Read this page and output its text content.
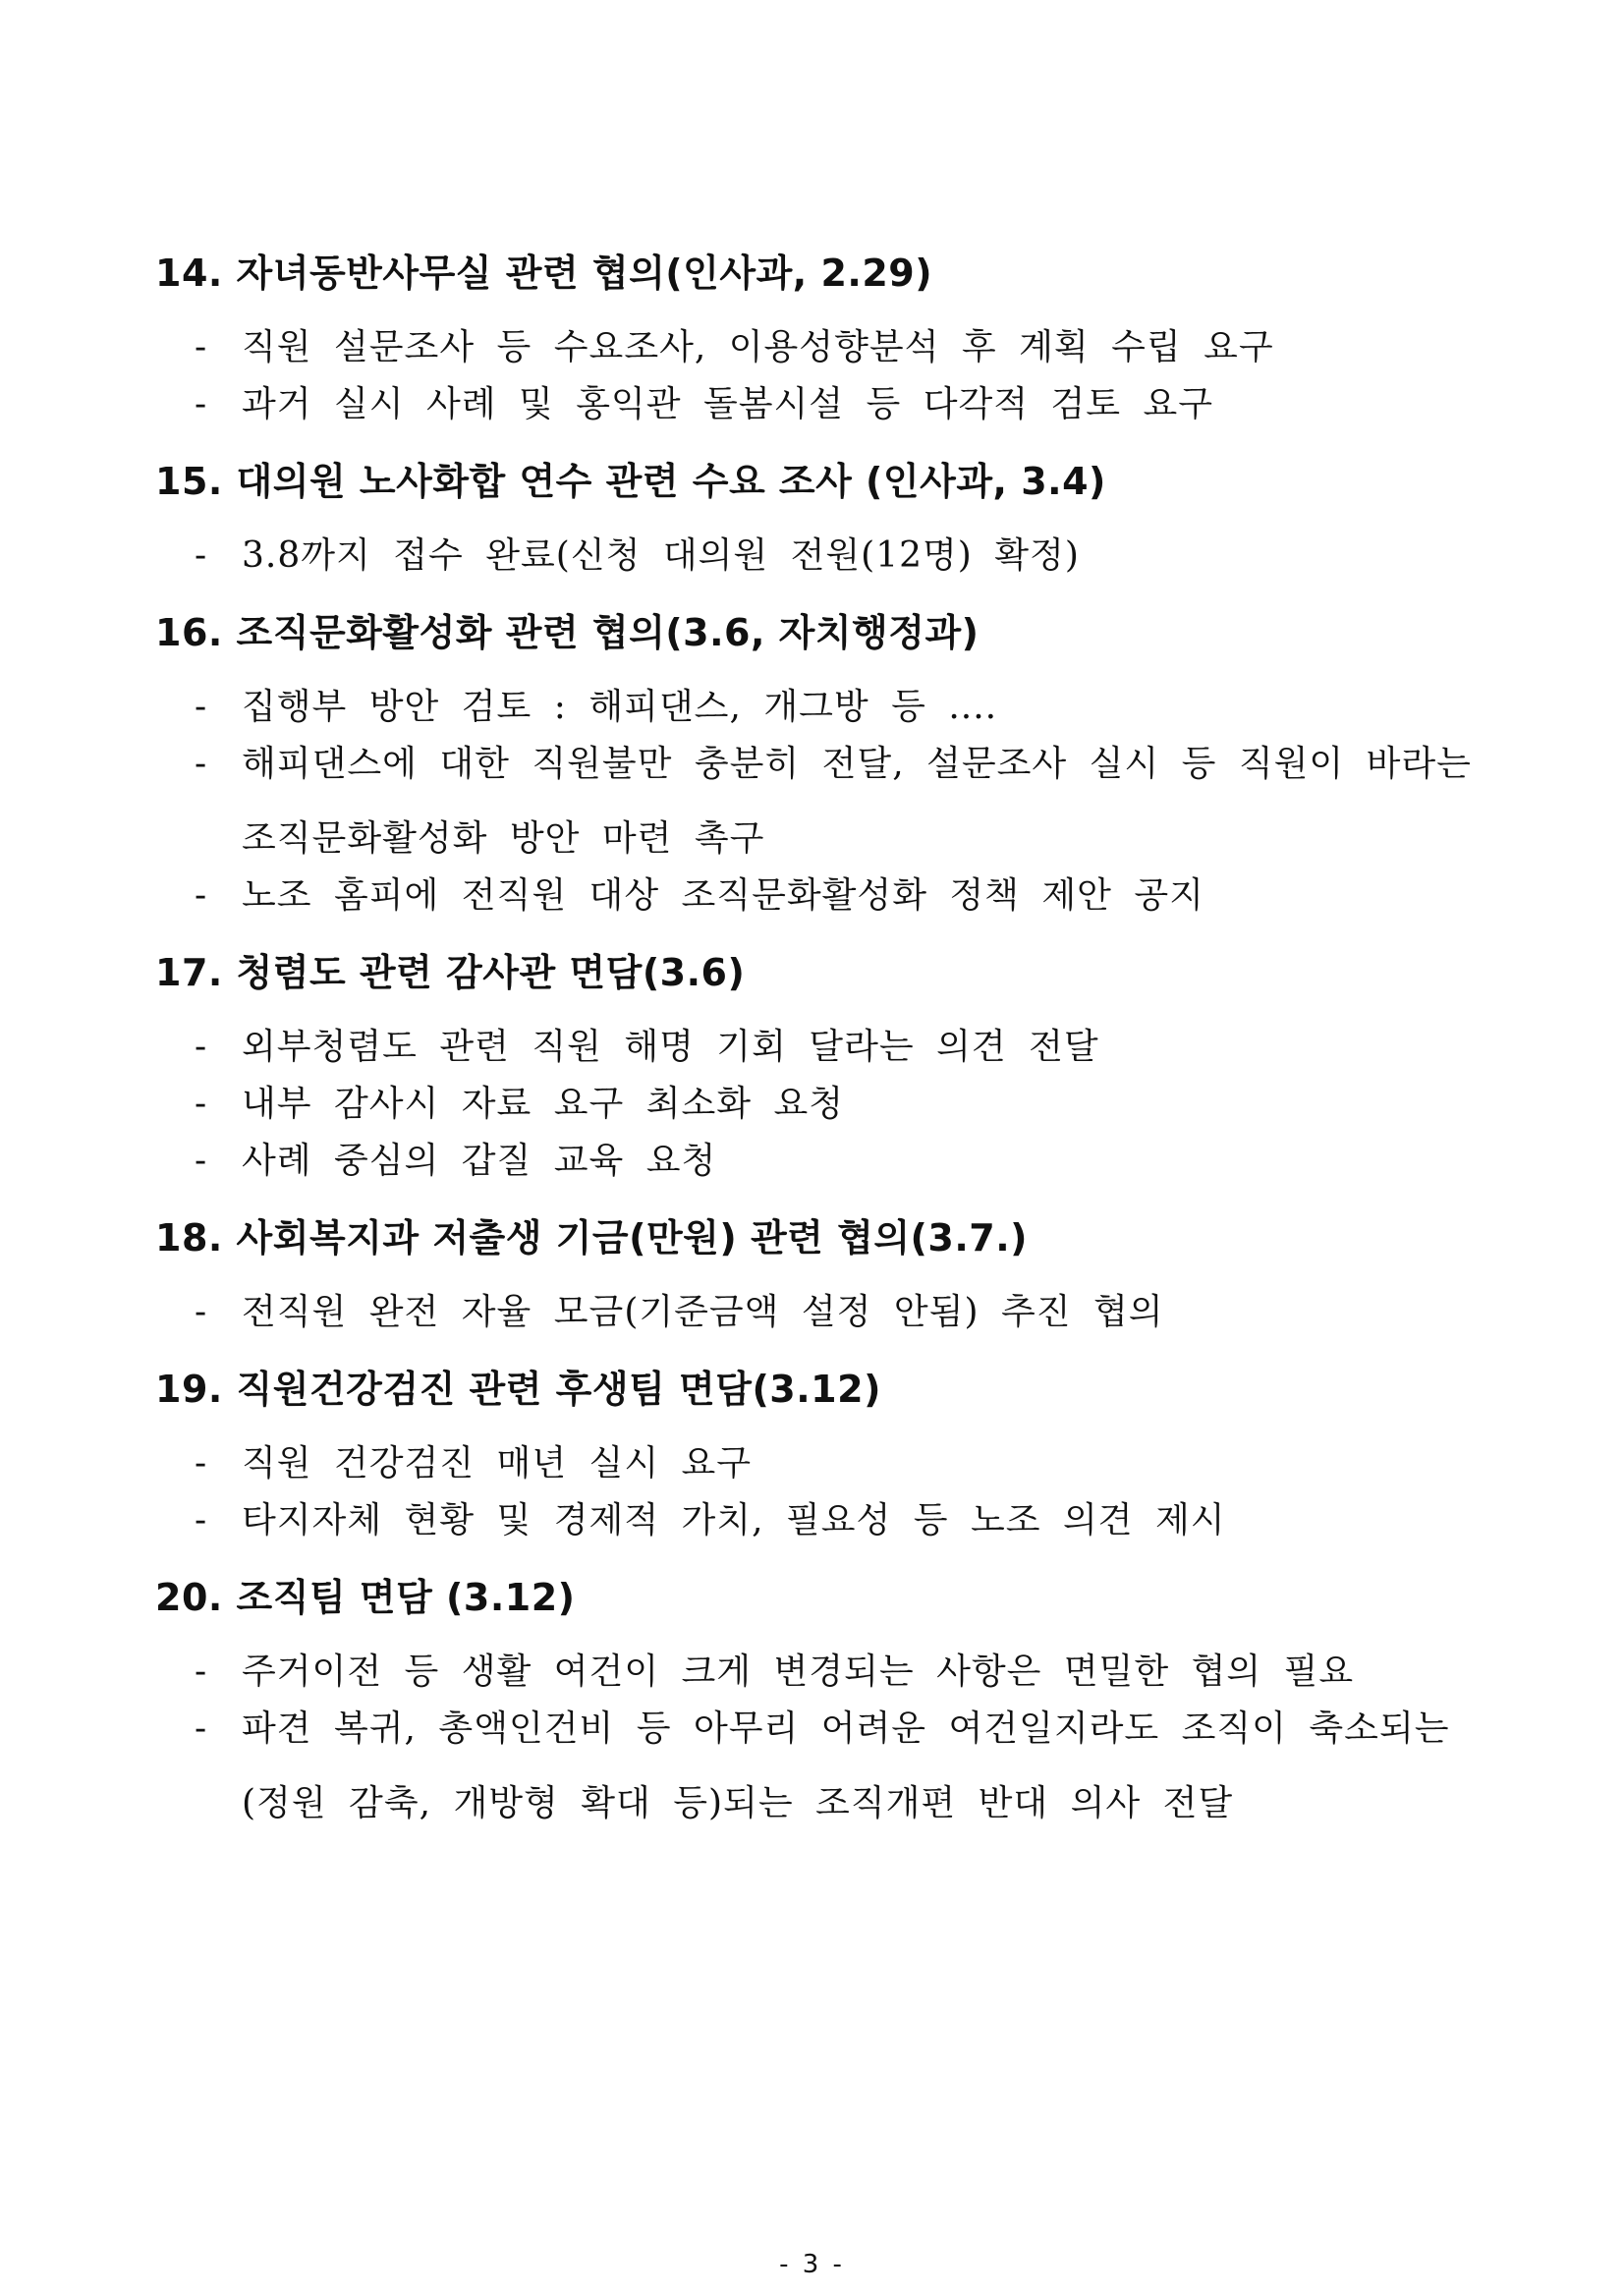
14. 자녀동반사무실 관련 협의(인사과, 2.29)
- 직원 설문조사 등 수요조사, 이용성향분석 후 계획 수립 요구
- 과거 실시 사례 및 홍익관 돌봄시설 등 다각적 검토 요구
15. 대의원 노사화합 연수 관련 수요 조사 (인사과, 3.4)
- 3.8까지 접수 완료(신청 대의원 전원(12명) 확정)
16. 조직문화활성화 관련 협의(3.6, 자치행정과)
- 집행부 방안 검토 : 해피댄스, 개그방 등 ....
- 해피댄스에 대한 직원불만 충분히 전달, 설문조사 실시 등 직원이 바라는 조직문화활성화 방안 마련 촉구
- 노조 홈피에 전직원 대상 조직문화활성화 정책 제안 공지
17. 청렴도 관련 감사관 면담(3.6)
- 외부청렴도 관련 직원 해명 기회 달라는 의견 전달
- 내부 감사시 자료 요구 최소화 요청
- 사례 중심의 갑질 교육 요청
18. 사회복지과 저출생 기금(만원) 관련 협의(3.7.)
- 전직원 완전 자율 모금(기준금액 설정 안됨) 추진 협의
19. 직원건강검진 관련 후생팀 면담(3.12)
- 직원 건강검진 매년 실시 요구
- 타지자체 현황 및 경제적 가치, 필요성 등 노조 의견 제시
20. 조직팀 면담 (3.12)
- 주거이전 등 생활 여건이 크게 변경되는 사항은 면밀한 협의 필요
- 파견 복귀, 총액인건비 등 아무리 어려운 여건일지라도 조직이 축소되는(정원 감축, 개방형 확대 등)되는 조직개편 반대 의사 전달
- 3 -
